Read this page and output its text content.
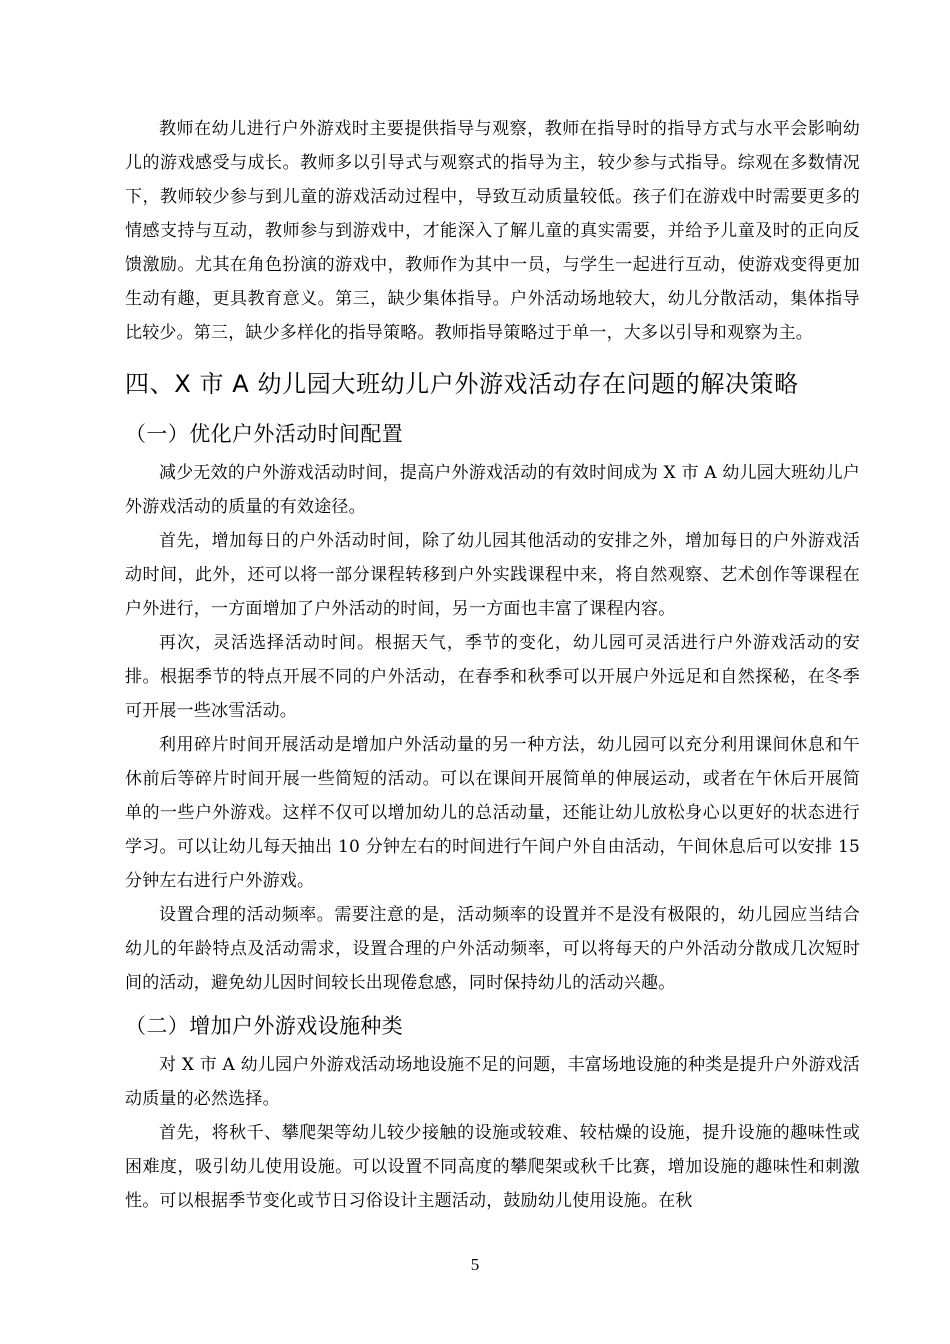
教师在幼儿进行户外游戏时主要提供指导与观察，教师在指导时的指导方式与水平会影响幼儿的游戏感受与成长。教师多以引导式与观察式的指导为主，较少参与式指导。综观在多数情况下，教师较少参与到儿童的游戏活动过程中，导致互动质量较低。孩子们在游戏中时需要更多的情感支持与互动，教师参与到游戏中，才能深入了解儿童的真实需要，并给予儿童及时的正向反馈激励。尤其在角色扮演的游戏中，教师作为其中一员，与学生一起进行互动，使游戏变得更加生动有趣，更具教育意义。第三，缺少集体指导。户外活动场地较大，幼儿分散活动，集体指导比较少。第三，缺少多样化的指导策略。教师指导策略过于单一，大多以引导和观察为主。

四、X 市 A 幼儿园大班幼儿户外游戏活动存在问题的解决策略
（一）优化户外活动时间配置

减少无效的户外游戏活动时间，提高户外游戏活动的有效时间成为 X 市 A 幼儿园大班幼儿户外游戏活动的质量的有效途径。

首先，增加每日的户外活动时间，除了幼儿园其他活动的安排之外，增加每日的户外游戏活动时间，此外，还可以将一部分课程转移到户外实践课程中来，将自然观察、艺术创作等课程在户外进行，一方面增加了户外活动的时间，另一方面也丰富了课程内容。

再次，灵活选择活动时间。根据天气，季节的变化，幼儿园可灵活进行户外游戏活动的安排。根据季节的特点开展不同的户外活动，在春季和秋季可以开展户外远足和自然探秘，在冬季可开展一些冰雪活动。

利用碎片时间开展活动是增加户外活动量的另一种方法，幼儿园可以充分利用课间休息和午休前后等碎片时间开展一些简短的活动。可以在课间开展简单的伸展运动，或者在午休后开展简单的一些户外游戏。这样不仅可以增加幼儿的总活动量，还能让幼儿放松身心以更好的状态进行学习。可以让幼儿每天抽出 10 分钟左右的时间进行午间户外自由活动，午间休息后可以安排 15 分钟左右进行户外游戏。

设置合理的活动频率。需要注意的是，活动频率的设置并不是没有极限的，幼儿园应当结合幼儿的年龄特点及活动需求，设置合理的户外活动频率，可以将每天的户外活动分散成几次短时间的活动，避免幼儿因时间较长出现倦怠感，同时保持幼儿的活动兴趣。

（二）增加户外游戏设施种类

对 X 市 A 幼儿园户外游戏活动场地设施不足的问题，丰富场地设施的种类是提升户外游戏活动质量的必然选择。

首先，将秋千、攀爬架等幼儿较少接触的设施或较难、较枯燥的设施，提升设施的趣味性或困难度，吸引幼儿使用设施。可以设置不同高度的攀爬架或秋千比赛，增加设施的趣味性和刺激性。可以根据季节变化或节日习俗设计主题活动，鼓励幼儿使用设施。在秋

5
